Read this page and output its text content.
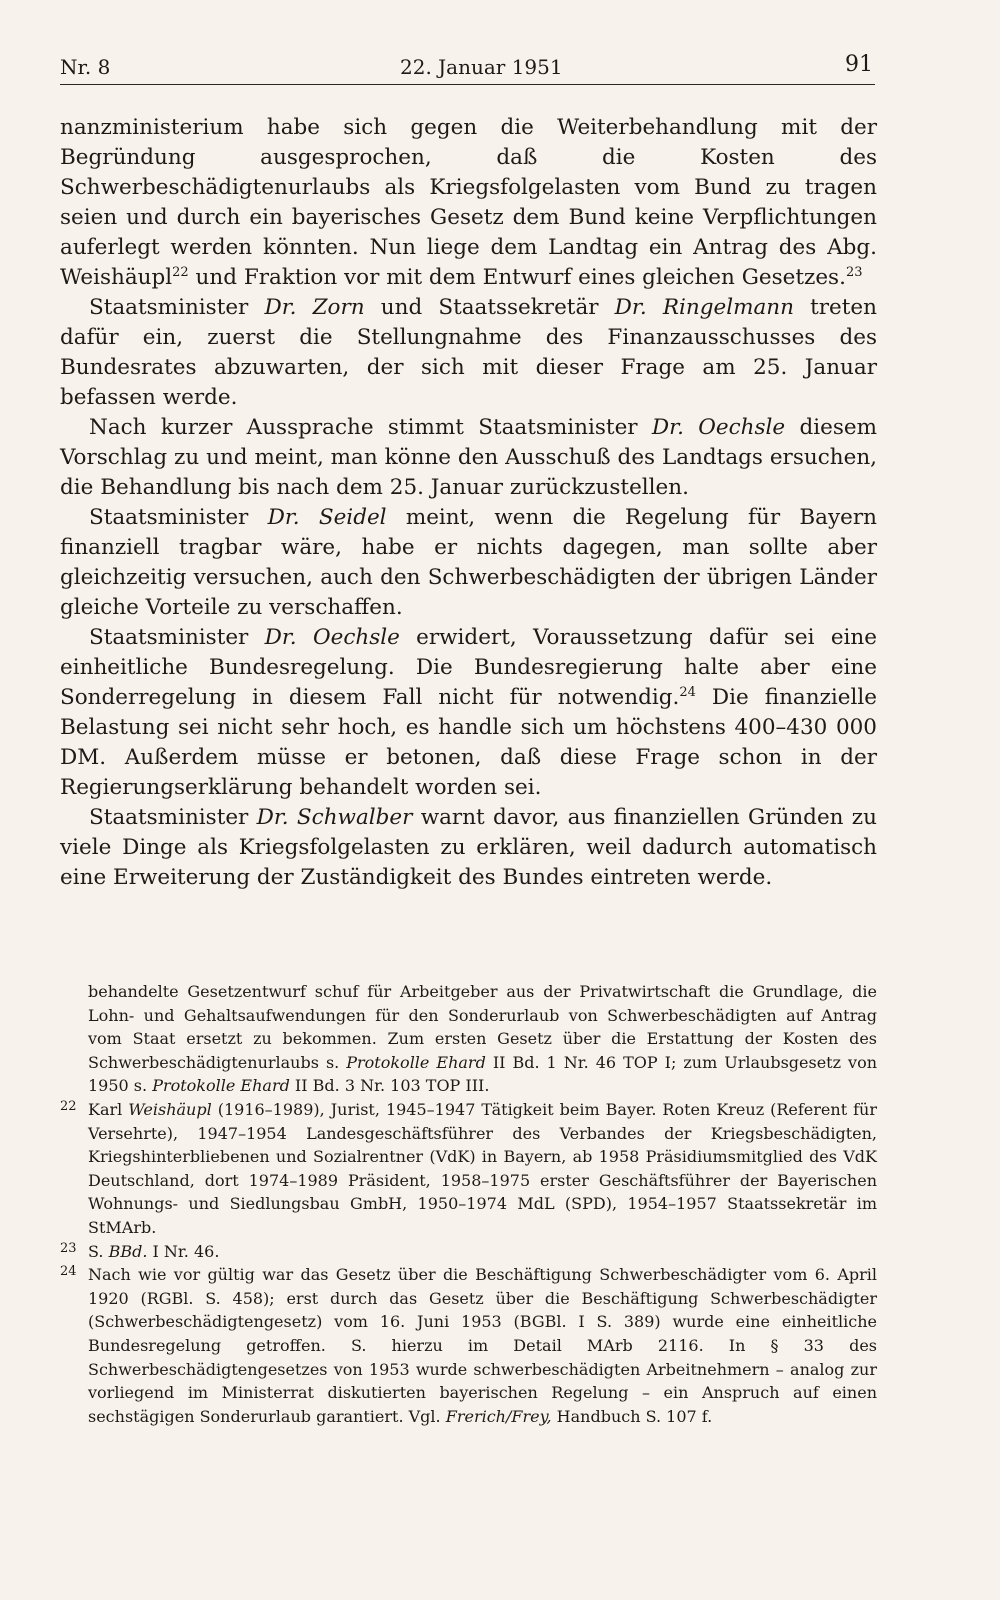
Nr. 8	22. Januar 1951	91

nanzministerium habe sich gegen die Weiterbehandlung mit der Begründung ausgesprochen, daß die Kosten des Schwerbeschädigtenurlaubs als Kriegsfolgelasten vom Bund zu tragen seien und durch ein bayerisches Gesetz dem Bund keine Verpflichtungen auferlegt werden könnten. Nun liege dem Landtag ein Antrag des Abg. Weishäupl$^{22}$ und Fraktion vor mit dem Entwurf eines gleichen Gesetzes.$^{23}$

Staatsminister Dr. Zorn und Staatssekretär Dr. Ringelmann treten dafür ein, zuerst die Stellungnahme des Finanzausschusses des Bundesrates abzuwarten, der sich mit dieser Frage am 25. Januar befassen werde.

Nach kurzer Aussprache stimmt Staatsminister Dr. Oechsle diesem Vorschlag zu und meint, man könne den Ausschuß des Landtags ersuchen, die Behandlung bis nach dem 25. Januar zurückzustellen.

Staatsminister Dr. Seidel meint, wenn die Regelung für Bayern finanziell tragbar wäre, habe er nichts dagegen, man sollte aber gleichzeitig versuchen, auch den Schwerbeschädigten der übrigen Länder gleiche Vorteile zu verschaffen.

Staatsminister Dr. Oechsle erwidert, Voraussetzung dafür sei eine einheitliche Bundesregelung. Die Bundesregierung halte aber eine Sonderregelung in diesem Fall nicht für notwendig.$^{24}$ Die finanzielle Belastung sei nicht sehr hoch, es handle sich um höchstens 400–430 000 DM. Außerdem müsse er betonen, daß diese Frage schon in der Regierungserklärung behandelt worden sei.

Staatsminister Dr. Schwalber warnt davor, aus finanziellen Gründen zu viele Dinge als Kriegsfolgelasten zu erklären, weil dadurch automatisch eine Erweiterung der Zuständigkeit des Bundes eintreten werde.

behandelte Gesetzentwurf schuf für Arbeitgeber aus der Privatwirtschaft die Grundlage, die Lohn- und Gehaltsaufwendungen für den Sonderurlaub von Schwerbeschädigten auf Antrag vom Staat ersetzt zu bekommen. Zum ersten Gesetz über die Erstattung der Kosten des Schwerbeschädigtenurlaubs s. Protokolle Ehard II Bd. 1 Nr. 46 TOP I; zum Urlaubsgesetz von 1950 s. Protokolle Ehard II Bd. 3 Nr. 103 TOP III.

22 Karl Weishäupl (1916–1989), Jurist, 1945–1947 Tätigkeit beim Bayer. Roten Kreuz (Referent für Versehrte), 1947–1954 Landesgeschäftsführer des Verbandes der Kriegsbeschädigten, Kriegshinterbliebenen und Sozialrentner (VdK) in Bayern, ab 1958 Präsidiumsmitglied des VdK Deutschland, dort 1974–1989 Präsident, 1958–1975 erster Geschäftsführer der Bayerischen Wohnungs- und Siedlungsbau GmbH, 1950–1974 MdL (SPD), 1954–1957 Staatssekretär im StMArb.

23 S. BBd. I Nr. 46.

24 Nach wie vor gültig war das Gesetz über die Beschäftigung Schwerbeschädigter vom 6. April 1920 (RGBl. S. 458); erst durch das Gesetz über die Beschäftigung Schwerbeschädigter (Schwerbeschädigtengesetz) vom 16. Juni 1953 (BGBl. I S. 389) wurde eine einheitliche Bundesregelung getroffen. S. hierzu im Detail MArb 2116. In § 33 des Schwerbeschädigtengesetzes von 1953 wurde schwerbeschädigten Arbeitnehmern – analog zur vorliegend im Ministerrat diskutierten bayerischen Regelung – ein Anspruch auf einen sechstägigen Sonderurlaub garantiert. Vgl. Frerich/Frey, Handbuch S. 107 f.
